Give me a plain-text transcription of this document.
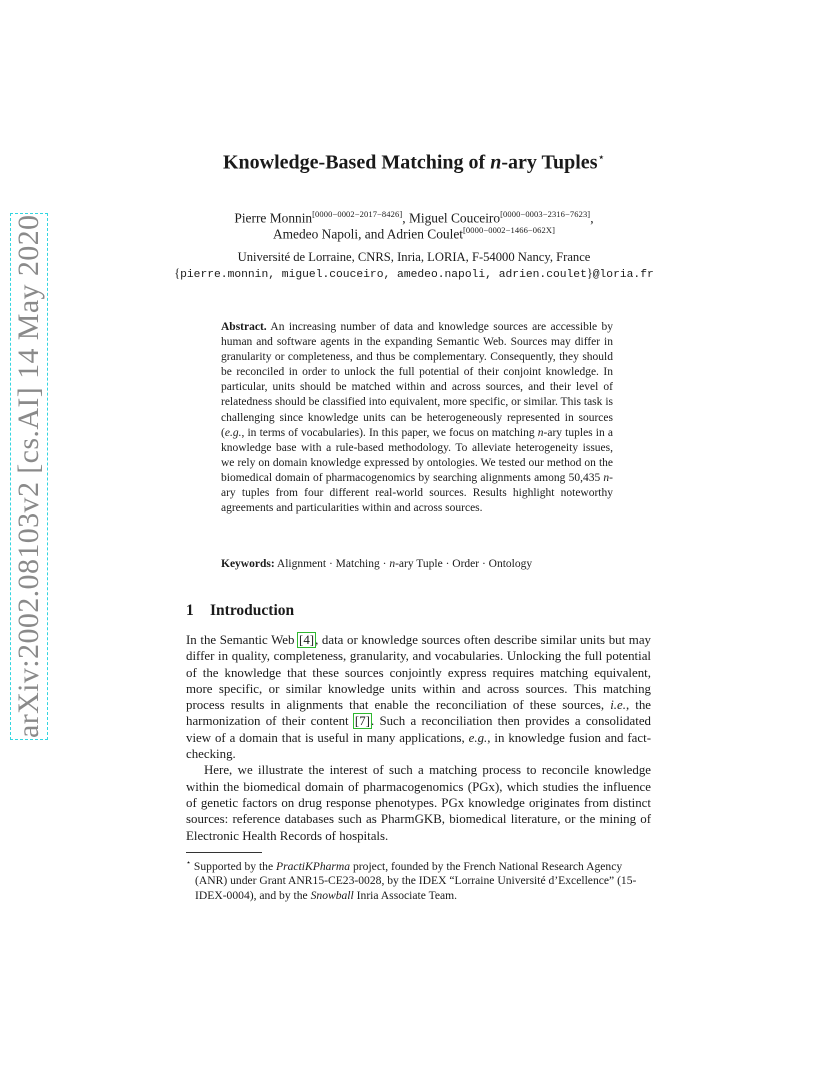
arXiv:2002.08103v2 [cs.AI] 14 May 2020
Knowledge-Based Matching of n-ary Tuples⋆
Pierre Monnin[0000−0002−2017−8426], Miguel Couceiro[0000−0003−2316−7623],
Amedeo Napoli, and Adrien Coulet[0000−0002−1466−062X]
Université de Lorraine, CNRS, Inria, LORIA, F-54000 Nancy, France
{pierre.monnin, miguel.couceiro, amedeo.napoli, adrien.coulet}@loria.fr
Abstract. An increasing number of data and knowledge sources are accessible by human and software agents in the expanding Semantic Web. Sources may differ in granularity or completeness, and thus be complementary. Consequently, they should be reconciled in order to unlock the full potential of their conjoint knowledge. In particular, units should be matched within and across sources, and their level of relatedness should be classified into equivalent, more specific, or similar. This task is challenging since knowledge units can be heterogeneously represented in sources (e.g., in terms of vocabularies). In this paper, we focus on matching n-ary tuples in a knowledge base with a rule-based methodology. To alleviate heterogeneity issues, we rely on domain knowledge expressed by ontologies. We tested our method on the biomedical domain of pharmacogenomics by searching alignments among 50,435 n-ary tuples from four different real-world sources. Results highlight noteworthy agreements and particularities within and across sources.
Keywords: Alignment · Matching · n-ary Tuple · Order · Ontology
1 Introduction

In the Semantic Web [4], data or knowledge sources often describe similar units but may differ in quality, completeness, granularity, and vocabularies. Unlocking the full potential of the knowledge that these sources conjointly express requires matching equivalent, more specific, or similar knowledge units within and across sources. This matching process results in alignments that enable the reconciliation of these sources, i.e., the harmonization of their content [7]. Such a reconciliation then provides a consolidated view of a domain that is useful in many applications, e.g., in knowledge fusion and fact-checking.

Here, we illustrate the interest of such a matching process to reconcile knowledge within the biomedical domain of pharmacogenomics (PGx), which studies the influence of genetic factors on drug response phenotypes. PGx knowledge originates from distinct sources: reference databases such as PharmGKB, biomedical literature, or the mining of Electronic Health Records of hospitals.

⋆ Supported by the PractiKPharma project, founded by the French National Research Agency (ANR) under Grant ANR15-CE23-0028, by the IDEX “Lorraine Université d’Excellence” (15-IDEX-0004), and by the Snowball Inria Associate Team.
